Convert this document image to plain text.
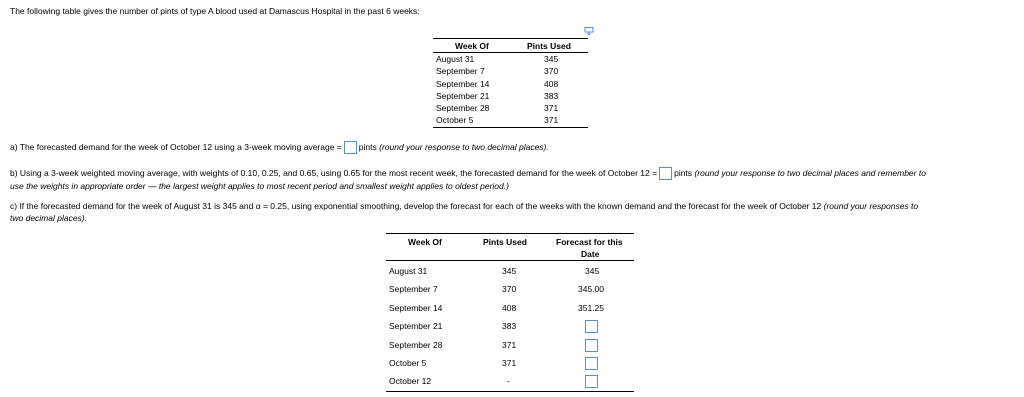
The following table gives the number of pints of type A blood used at Damascus Hospital in the past 6 weeks:
Week Of	Pints Used
August 31	345
September 7	370
September 14	408
September 21	383
September 28	371
October 5	371
a) The forecasted demand for the week of October 12 using a 3-week moving average = pints (round your response to two decimal places).
b) Using a 3-week weighted moving average, with weights of 0.10, 0.25, and 0.65, using 0.65 for the most recent week, the forecasted demand for the week of October 12 = pints (round your response to two decimal places and remember to
use the weights in appropriate order — the largest weight applies to most recent period and smallest weight applies to oldest period.)
c) If the forecasted demand for the week of August 31 is 345 and α = 0.25, using exponential smoothing, develop the forecast for each of the weeks with the known demand and the forecast for the week of October 12 (round your responses to
two decimal places).
Week Of	Pints Used	Forecast for this
Date
August 31	345	345
September 7	370	345.00
September 14	408	351.25
September 21	383
September 28	371
October 5	371
October 12	-
